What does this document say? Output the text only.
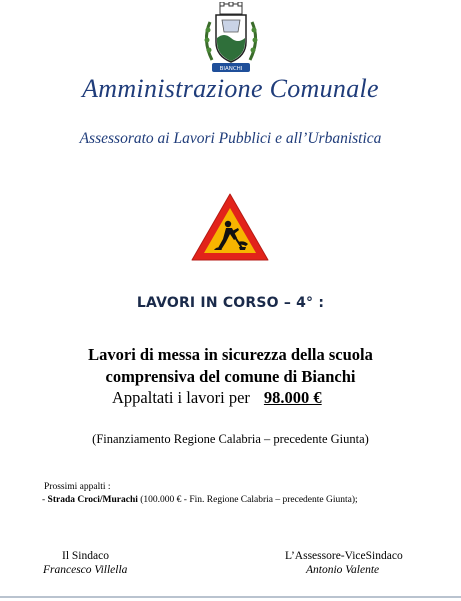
BIANCHI
Amministrazione Comunale
Assessorato ai Lavori Pubblici e all’Urbanistica
LAVORI IN CORSO – 4° :
Lavori di messa in sicurezza della scuola
comprensiva del comune di Bianchi
Appaltati i lavori per 98.000 €
(Finanziamento Regione Calabria – precedente Giunta)
Prossimi appalti :
- Strada Croci/Murachi (100.000 € - Fin. Regione Calabria – precedente Giunta);
Il Sindaco
Francesco Villella
L’Assessore-ViceSindaco
Antonio Valente
